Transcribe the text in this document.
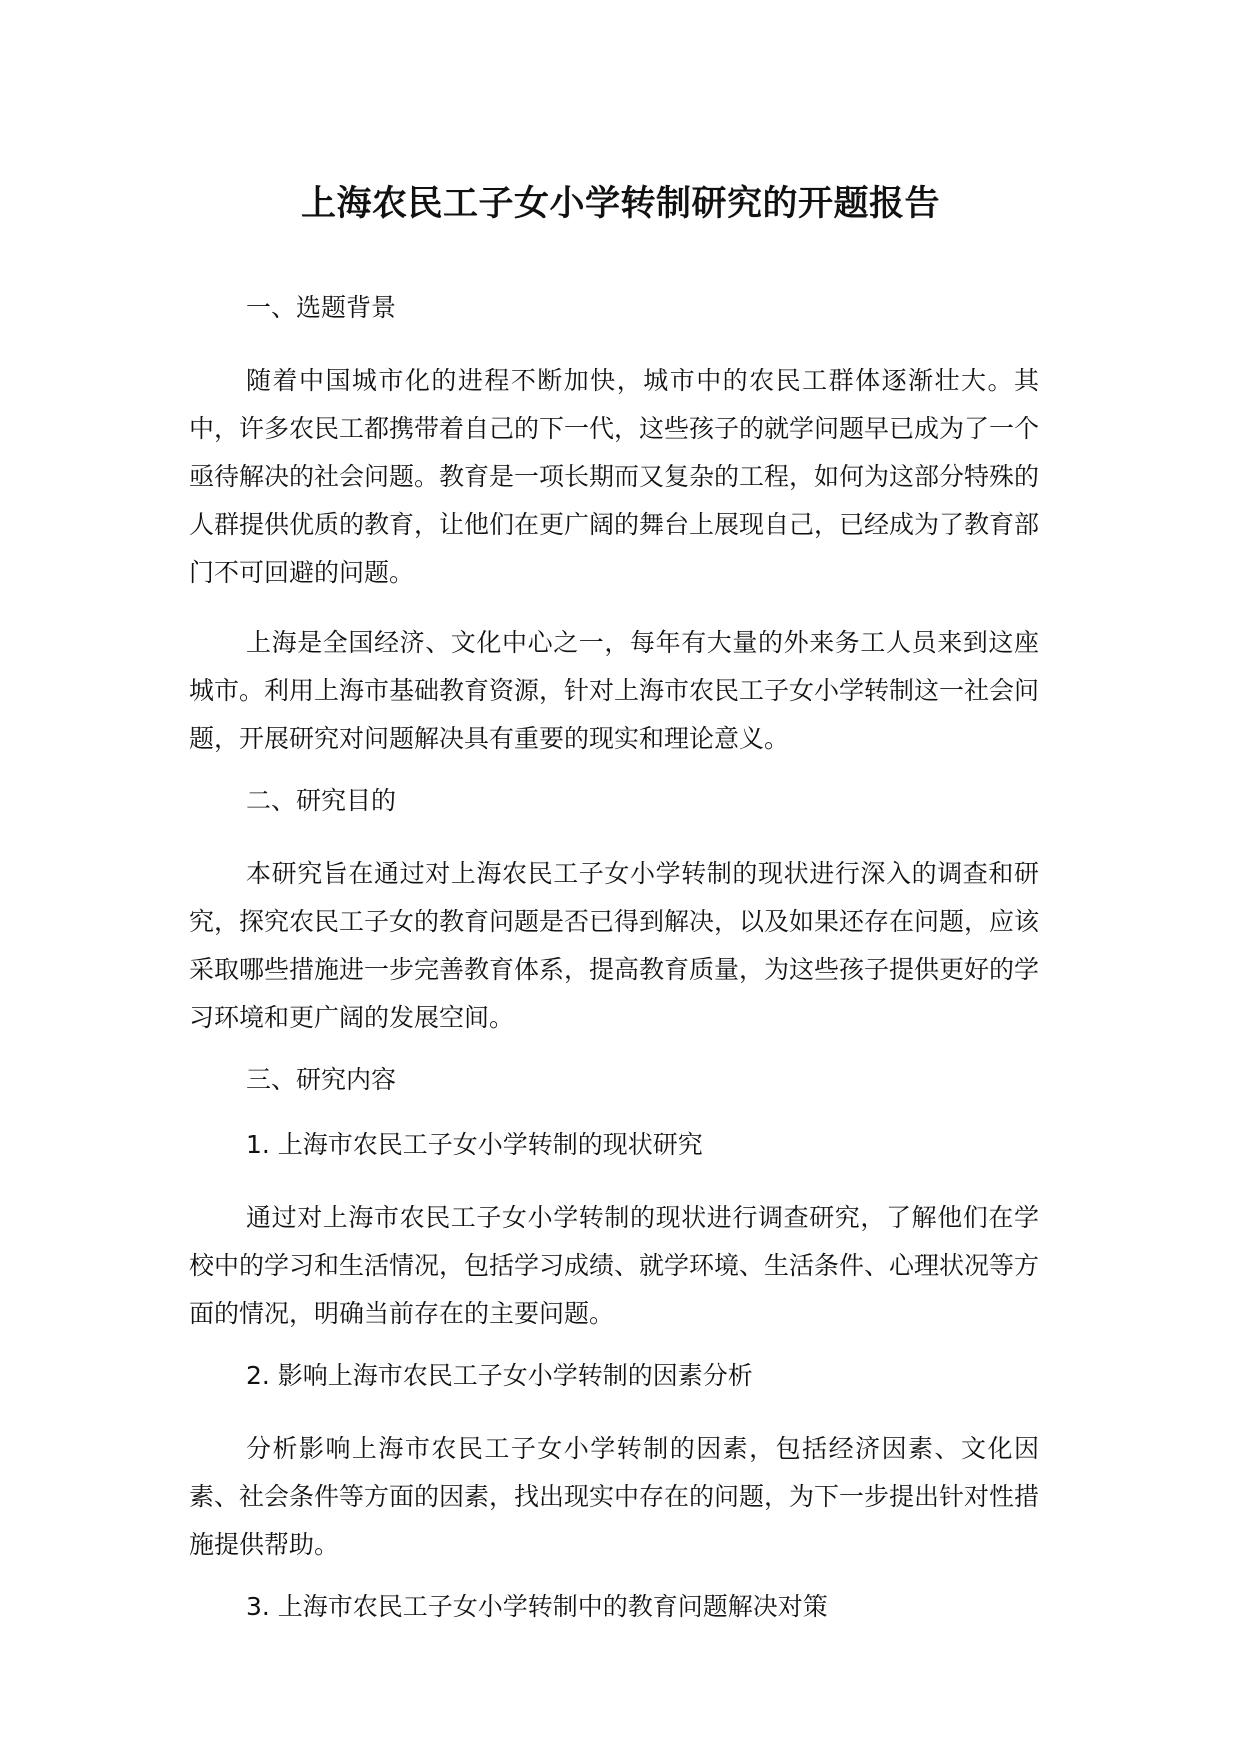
上海农民工子女小学转制研究的开题报告

一、选题背景

随着中国城市化的进程不断加快，城市中的农民工群体逐渐壮大。其中，许多农民工都携带着自己的下一代，这些孩子的就学问题早已成为了一个亟待解决的社会问题。教育是一项长期而又复杂的工程，如何为这部分特殊的人群提供优质的教育，让他们在更广阔的舞台上展现自己，已经成为了教育部门不可回避的问题。

上海是全国经济、文化中心之一，每年有大量的外来务工人员来到这座城市。利用上海市基础教育资源，针对上海市农民工子女小学转制这一社会问题，开展研究对问题解决具有重要的现实和理论意义。

二、研究目的

本研究旨在通过对上海农民工子女小学转制的现状进行深入的调查和研究，探究农民工子女的教育问题是否已得到解决，以及如果还存在问题，应该采取哪些措施进一步完善教育体系，提高教育质量，为这些孩子提供更好的学习环境和更广阔的发展空间。

三、研究内容

1. 上海市农民工子女小学转制的现状研究

通过对上海市农民工子女小学转制的现状进行调查研究，了解他们在学校中的学习和生活情况，包括学习成绩、就学环境、生活条件、心理状况等方面的情况，明确当前存在的主要问题。

2. 影响上海市农民工子女小学转制的因素分析

分析影响上海市农民工子女小学转制的因素，包括经济因素、文化因素、社会条件等方面的因素，找出现实中存在的问题，为下一步提出针对性措施提供帮助。

3. 上海市农民工子女小学转制中的教育问题解决对策
